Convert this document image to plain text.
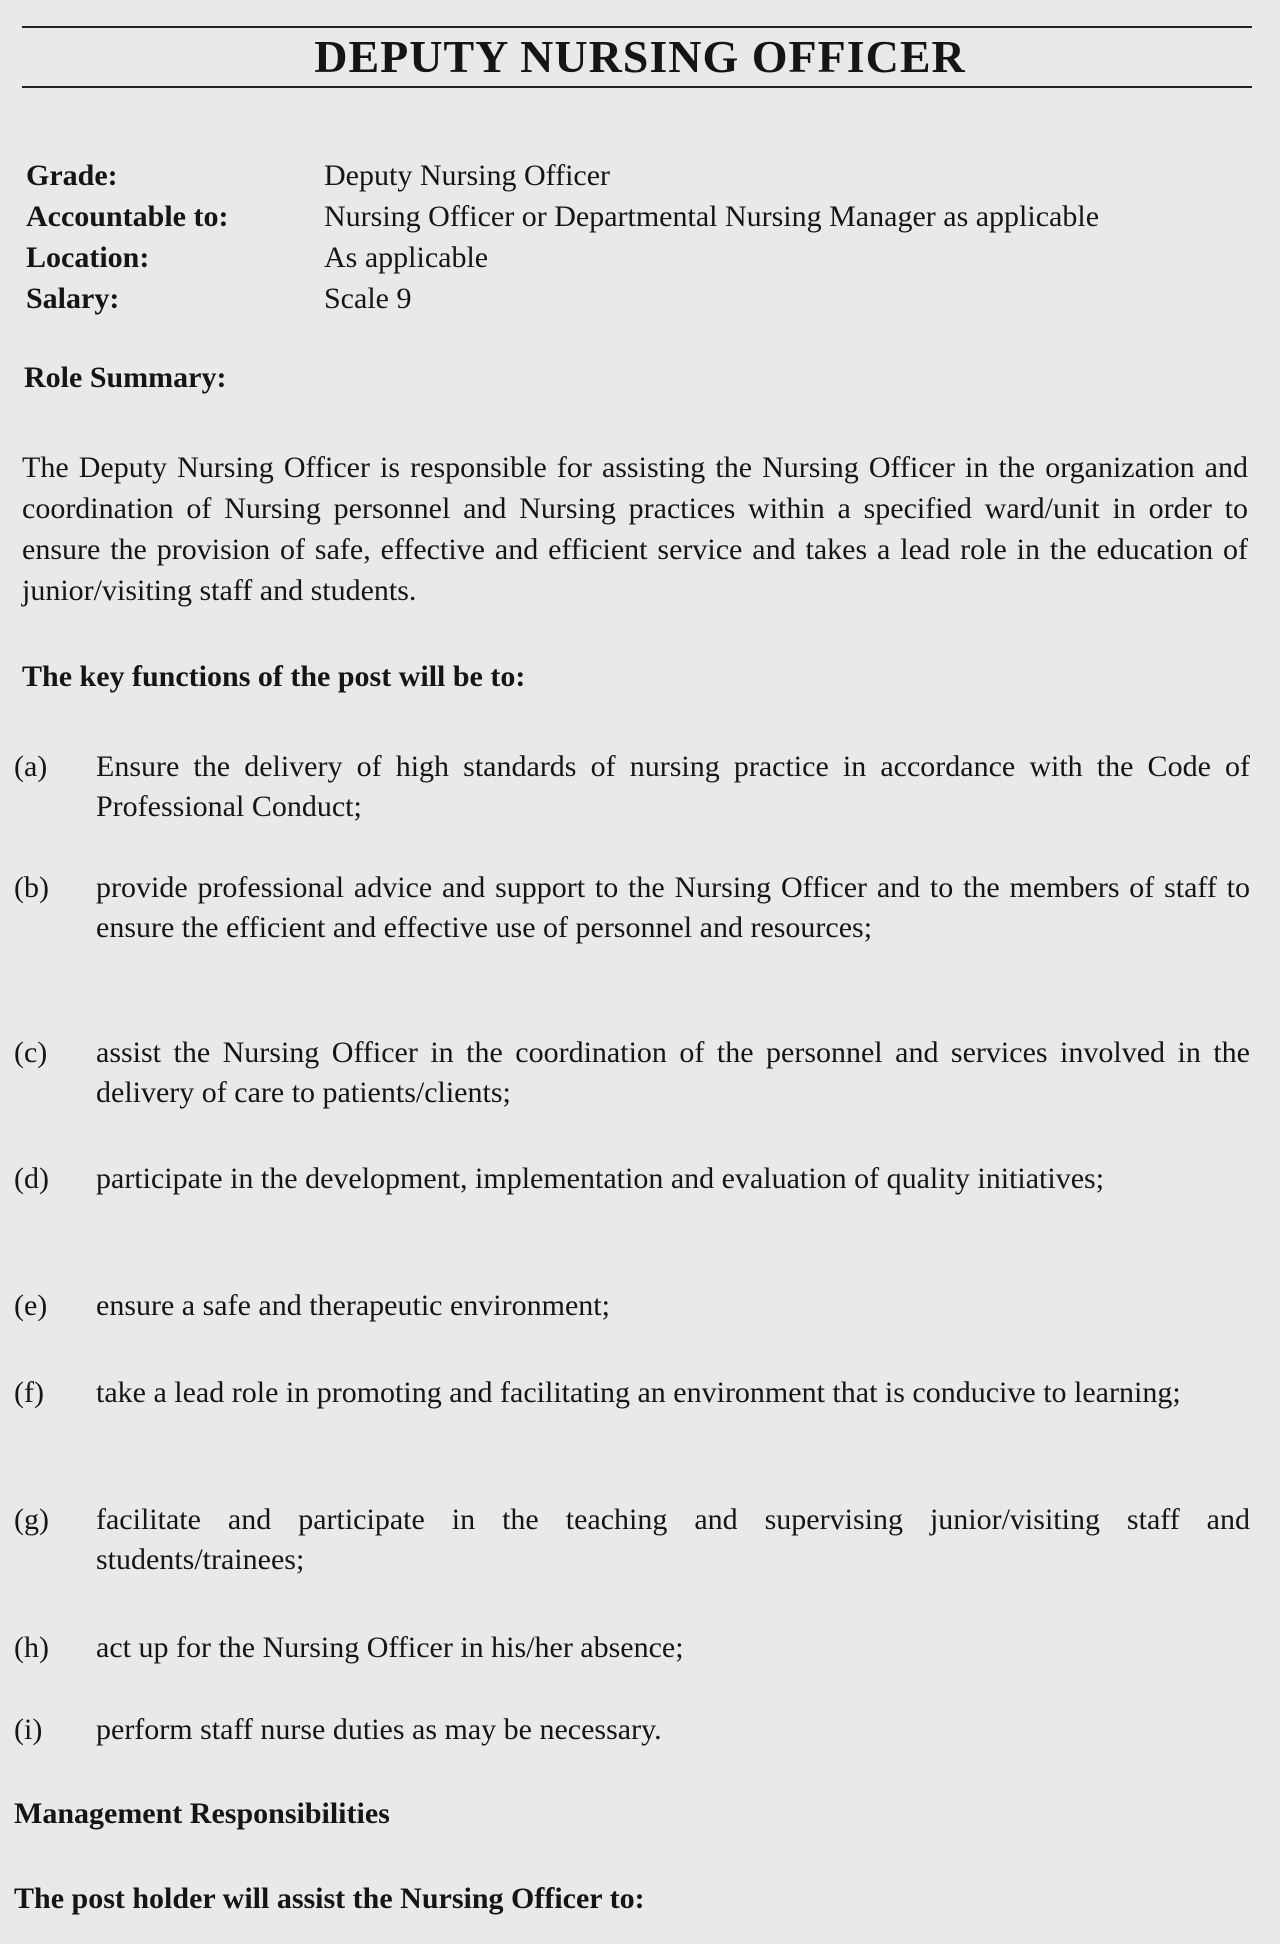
DEPUTY NURSING OFFICER
Grade:	Deputy Nursing Officer
Accountable to:	Nursing Officer or Departmental Nursing Manager as applicable
Location:	As applicable
Salary:	Scale 9
Role Summary:
The Deputy Nursing Officer is responsible for assisting the Nursing Officer in the organization and coordination of Nursing personnel and Nursing practices within a specified ward/unit in order to ensure the provision of safe, effective and efficient service and takes a lead role in the education of junior/visiting staff and students.
The key functions of the post will be to:
(a)	Ensure the delivery of high standards of nursing practice in accordance with the Code of Professional Conduct;
(b)	provide professional advice and support to the Nursing Officer and to the members of staff to ensure the efficient and effective use of personnel and resources;
(c)	assist the Nursing Officer in the coordination of the personnel and services involved in the delivery of care to patients/clients;
(d)	participate in the development, implementation and evaluation of quality initiatives;
(e)	ensure a safe and therapeutic environment;
(f)	take a lead role in promoting and facilitating an environment that is conducive to learning;
(g)	facilitate and participate in the teaching and supervising junior/visiting staff and students/trainees;
(h)	act up for the Nursing Officer in his/her absence;
(i)	perform staff nurse duties as may be necessary.
Management Responsibilities
The post holder will assist the Nursing Officer to:
